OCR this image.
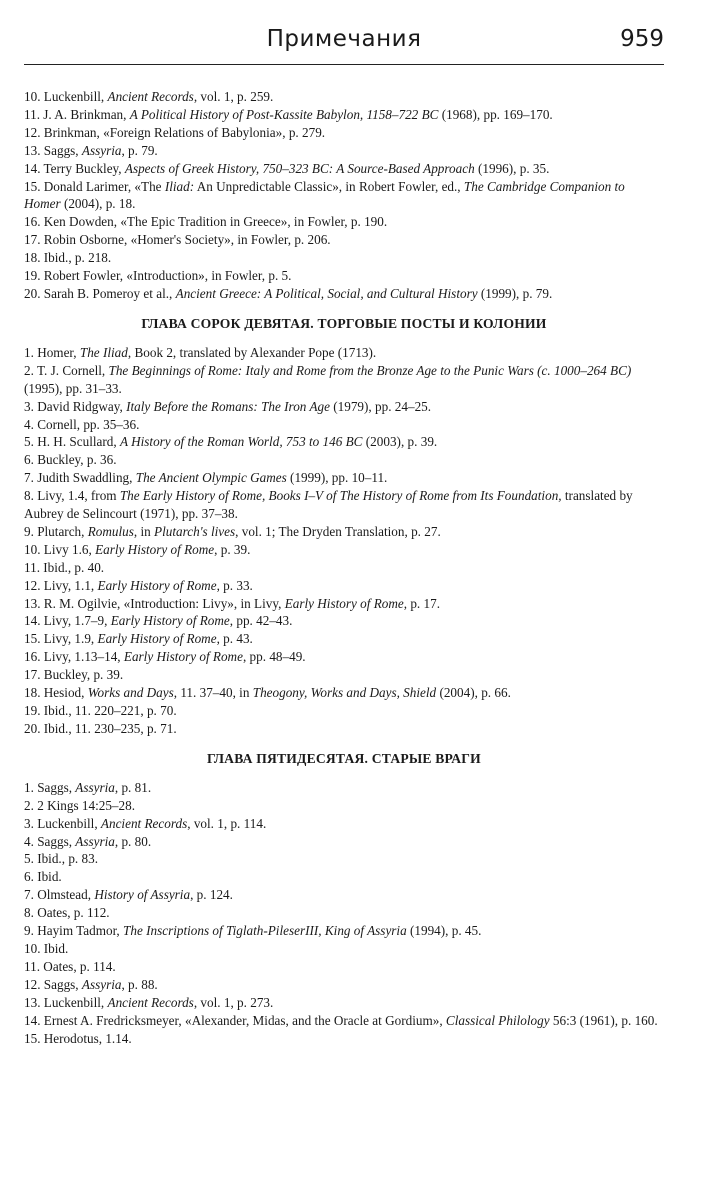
Примечания	959

10. Luckenbill, Ancient Records, vol. 1, p. 259.

11. J. A. Brinkman, A Political History of Post-Kassite Babylon, 1158–722 BC (1968), pp. 169–170.

12. Brinkman, «Foreign Relations of Babylonia», p. 279.

13. Saggs, Assyria, p. 79.

14. Terry Buckley, Aspects of Greek History, 750–323 BC: A Source-Based Approach (1996), p. 35.

15. Donald Larimer, «The Iliad: An Unpredictable Classic», in Robert Fowler, ed., The Cambridge Companion to Homer (2004), p. 18.

16. Ken Dowden, «The Epic Tradition in Greece», in Fowler, p. 190.

17. Robin Osborne, «Homer's Society», in Fowler, p. 206.

18. Ibid., p. 218.

19. Robert Fowler, «Introduction», in Fowler, p. 5.

20. Sarah B. Pomeroy et al., Ancient Greece: A Political, Social, and Cultural History (1999), p. 79.

ГЛАВА СОРОК ДЕВЯТАЯ. ТОРГОВЫЕ ПОСТЫ И КОЛОНИИ

1. Homer, The Iliad, Book 2, translated by Alexander Pope (1713).

2. T. J. Cornell, The Beginnings of Rome: Italy and Rome from the Bronze Age to the Punic Wars (c. 1000–264 BC) (1995), pp. 31–33.

3. David Ridgway, Italy Before the Romans: The Iron Age (1979), pp. 24–25.

4. Cornell, pp. 35–36.

5. H. H. Scullard, A History of the Roman World, 753 to 146 BC (2003), p. 39.

6. Buckley, p. 36.

7. Judith Swaddling, The Ancient Olympic Games (1999), pp. 10–11.

8. Livy, 1.4, from The Early History of Rome, Books I–V of The History of Rome from Its Foundation, translated by Aubrey de Selincourt (1971), pp. 37–38.

9. Plutarch, Romulus, in Plutarch's lives, vol. 1; The Dryden Translation, p. 27.

10. Livy 1.6, Early History of Rome, p. 39.

11. Ibid., p. 40.

12. Livy, 1.1, Early History of Rome, p. 33.

13. R. M. Ogilvie, «Introduction: Livy», in Livy, Early History of Rome, p. 17.

14. Livy, 1.7–9, Early History of Rome, pp. 42–43.

15. Livy, 1.9, Early History of Rome, p. 43.

16. Livy, 1.13–14, Early History of Rome, pp. 48–49.

17. Buckley, p. 39.

18. Hesiod, Works and Days, 11. 37–40, in Theogony, Works and Days, Shield (2004), p. 66.

19. Ibid., 11. 220–221, p. 70.

20. Ibid., 11. 230–235, p. 71.

ГЛАВА ПЯТИДЕСЯТАЯ. СТАРЫЕ ВРАГИ

1. Saggs, Assyria, p. 81.

2. 2 Kings 14:25–28.

3. Luckenbill, Ancient Records, vol. 1, p. 114.

4. Saggs, Assyria, p. 80.

5. Ibid., p. 83.

6. Ibid.

7. Olmstead, History of Assyria, p. 124.

8. Oates, p. 112.

9. Hayim Tadmor, The Inscriptions of Tiglath-PileserIII, King of Assyria (1994), p. 45.

10. Ibid.

11. Oates, p. 114.

12. Saggs, Assyria, p. 88.

13. Luckenbill, Ancient Records, vol. 1, p. 273.

14. Ernest A. Fredricksmeyer, «Alexander, Midas, and the Oracle at Gordium», Classical Philology 56:3 (1961), p. 160.

15. Herodotus, 1.14.
